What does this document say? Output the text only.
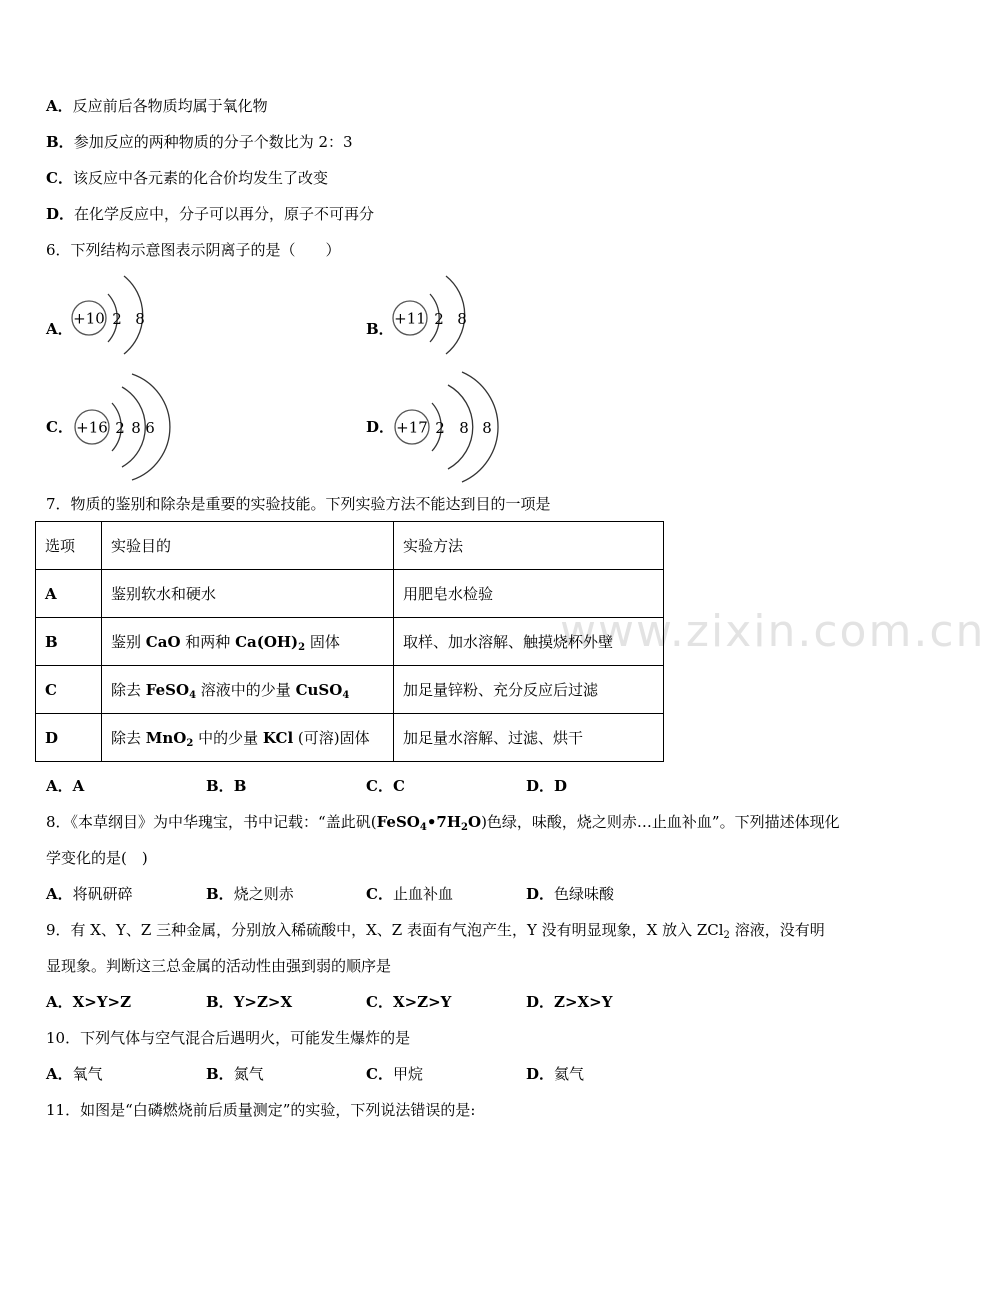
A．反应前后各物质均属于氧化物
B．参加反应的两种物质的分子个数比为 2：3
C．该反应中各元素的化合价均发生了改变
D．在化学反应中，分子可以再分，原子不可再分
6．下列结构示意图表示阴离子的是（　　）
A．
+10 2 8
B．
+11 2 8
C． +16 2 8 6	D． +17 2 8 8
7．物质的鉴别和除杂是重要的实验技能。下列实验方法不能达到目的一项是
www.zixin.com.cn
选项	实验目的	实验方法
A	鉴别软水和硬水	用肥皂水检验
B	鉴别 CaO 和两种 $Ca(OH)_2$ 固体	取样、加水溶解、触摸烧杯外壁
C	除去 FeSO$_4$ 溶液中的少量 CuSO$_4$	加足量锌粉、充分反应后过滤
D	除去 MnO$_2$ 中的少量 KCl (可溶)固体	加足量水溶解、过滤、烘干
A．A	B．B	C．C	D．D
8．《本草纲目》为中华瑰宝，书中记载：“盖此矾$(FeSO_4•7H_2O)$色绿，味酸，烧之则赤…止血补血”。下列描述体现化
学变化的是(　)
A．将矾研碎	B．烧之则赤	C．止血补血	D．色绿味酸
9．有 X、Y、Z 三种金属，分别放入稀硫酸中，X、Z 表面有气泡产生，Y 没有明显现象，X 放入 ZCl$_2$ 溶液，没有明
显现象。判断这三总金属的活动性由强到弱的顺序是
A．X>Y>Z	B．Y>Z>X	C．X>Z>Y	D．Z>X>Y
10．下列气体与空气混合后遇明火，可能发生爆炸的是
A．氧气	B．氮气	C．甲烷	D．氦气
11．如图是“白磷燃烧前后质量测定”的实验，下列说法错误的是:
